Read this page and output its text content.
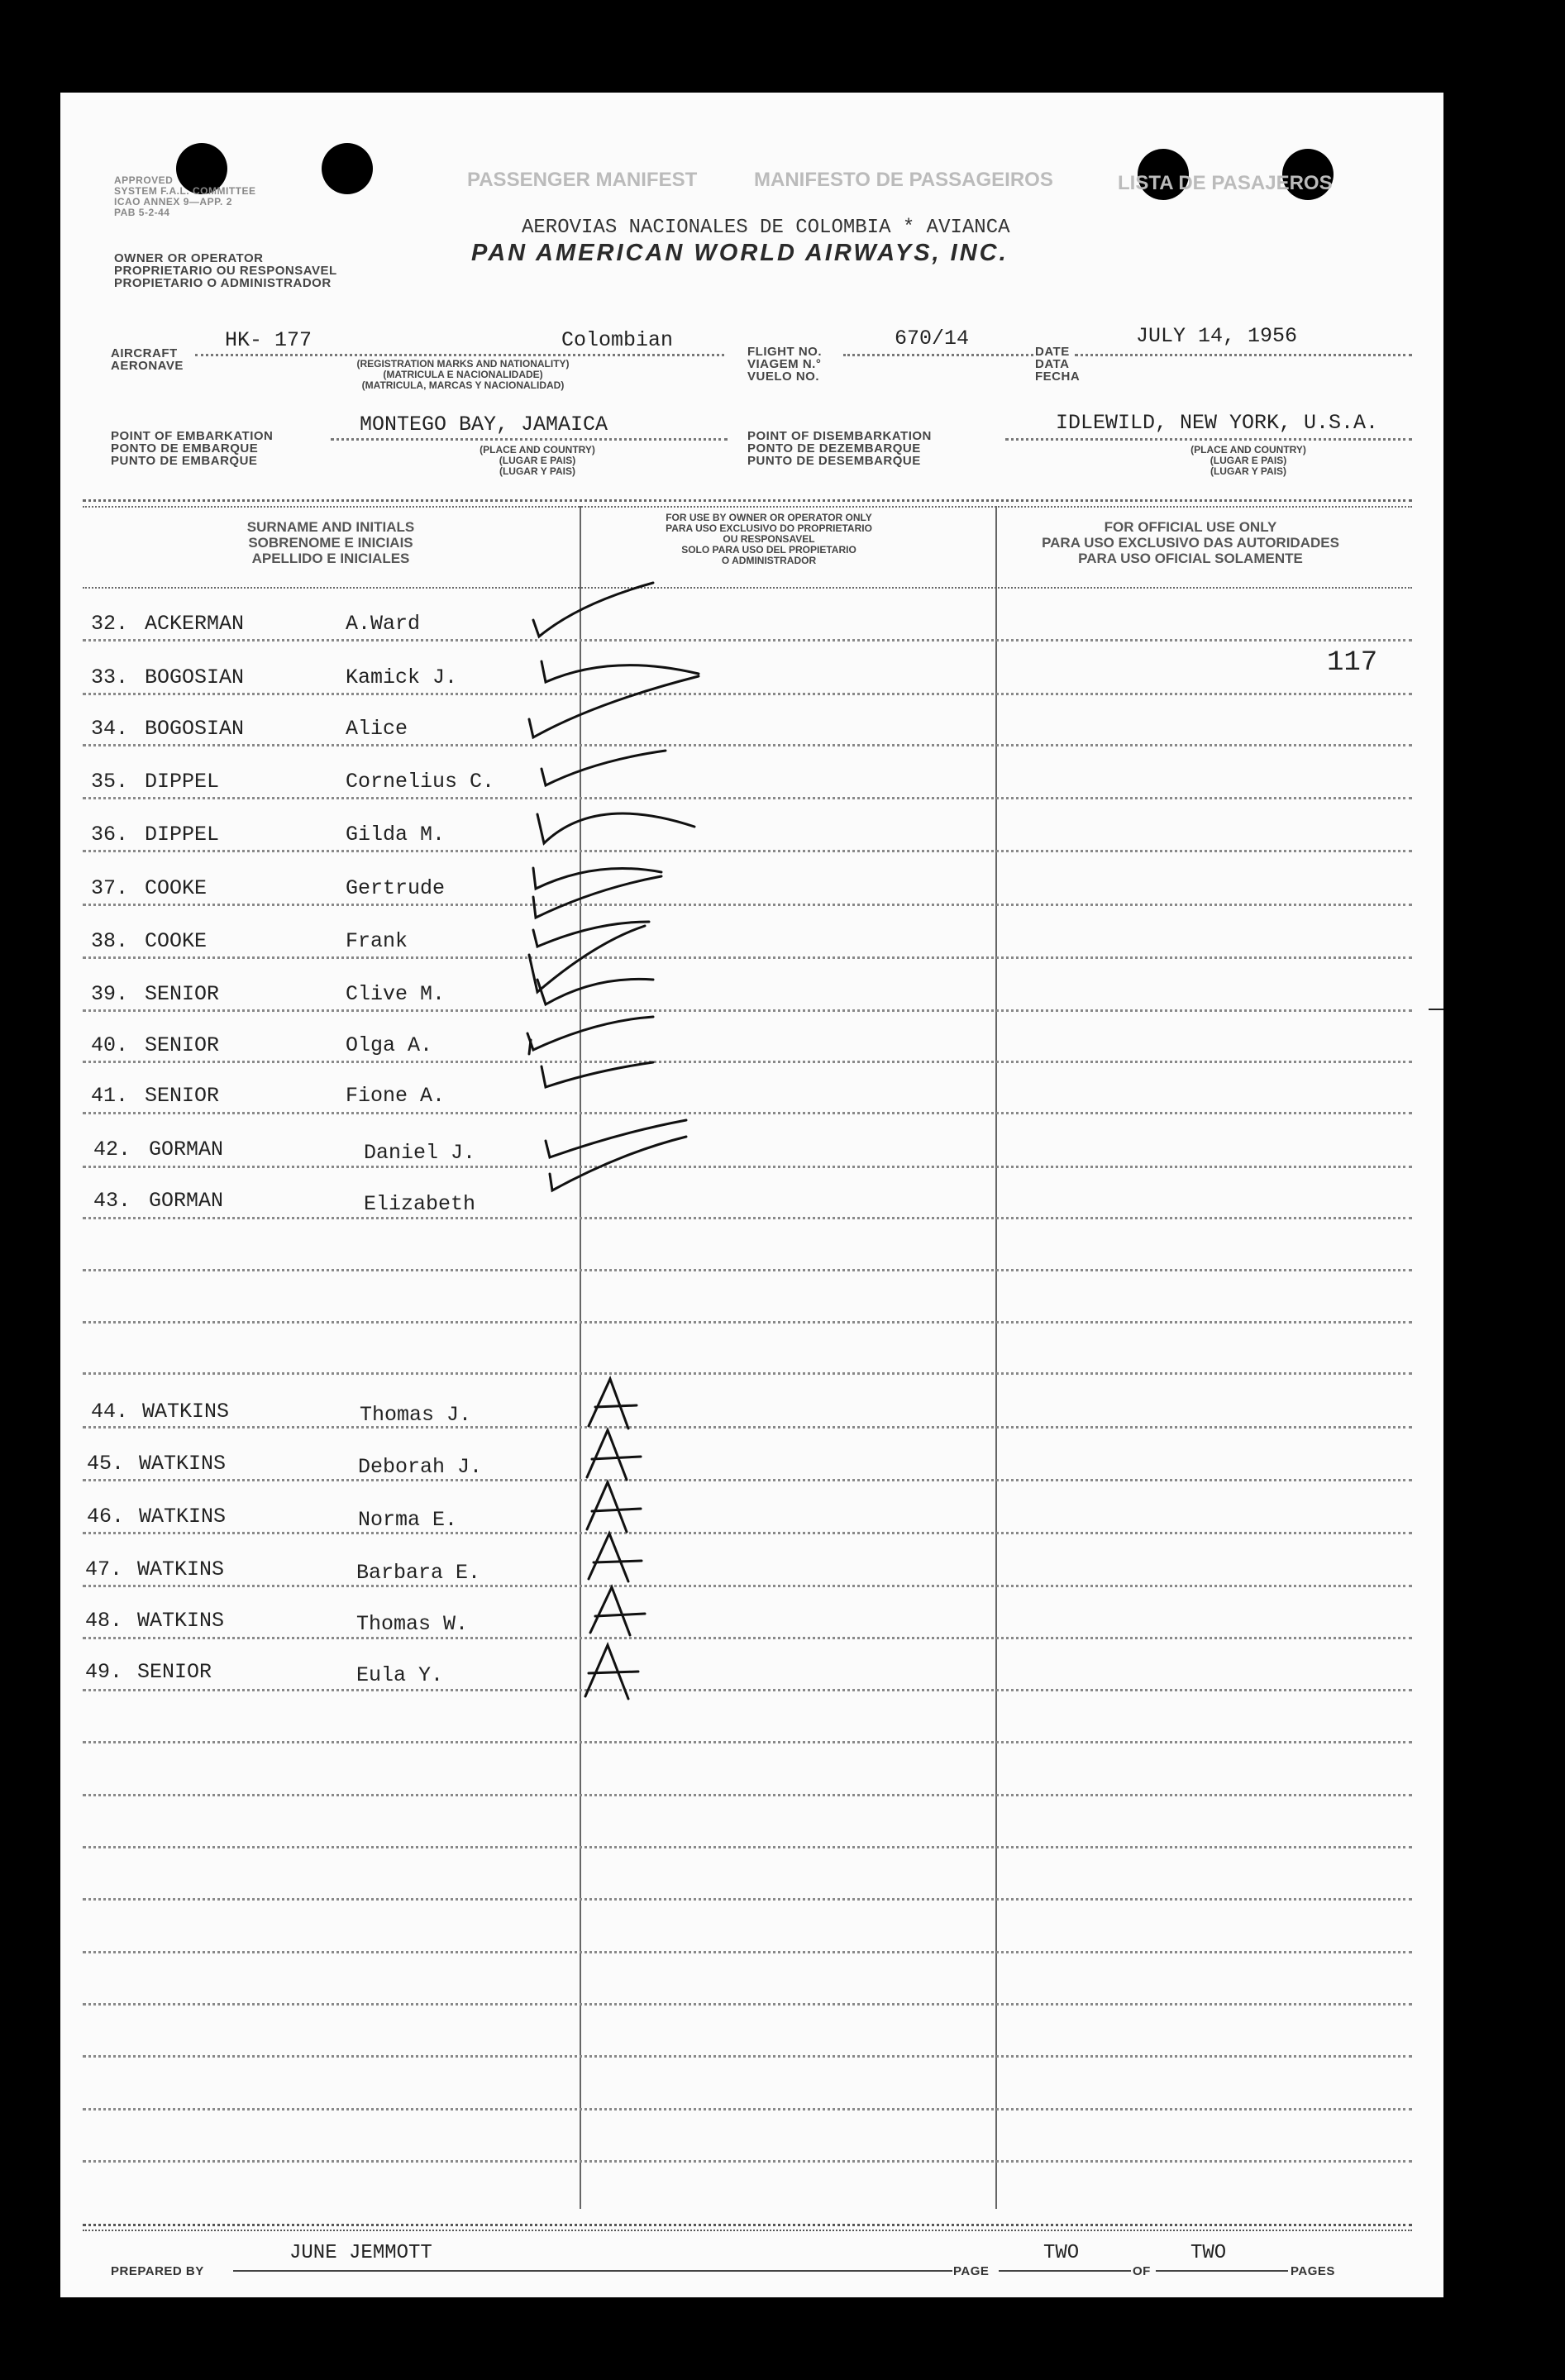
APPROVED
SYSTEM F.A.L. COMMITTEE
ICAO ANNEX 9—APP. 2
PAB 5-2-44
PASSENGER MANIFEST	MANIFESTO DE PASSAGEIROS	LISTA DE PASAJEROS
OWNER OR OPERATOR
PROPRIETARIO OU RESPONSAVEL
PROPIETARIO O ADMINISTRADOR
AEROVIAS NACIONALES DE COLOMBIA * AVIANCA
PAN AMERICAN WORLD AIRWAYS, INC.
AIRCRAFT
AERONAVE
HK- 177	Colombian
(REGISTRATION MARKS AND NATIONALITY)
(MATRICULA E NACIONALIDADE)
(MATRICULA, MARCAS Y NACIONALIDAD)
FLIGHT NO.
VIAGEM N.°
VUELO NO.
670/14
DATE
DATA
FECHA
JULY 14, 1956
POINT OF EMBARKATION
PONTO DE EMBARQUE
PUNTO DE EMBARQUE
MONTEGO BAY, JAMAICA
(PLACE AND COUNTRY)
(LUGAR E PAIS)
(LUGAR Y PAIS)
POINT OF DISEMBARKATION
PONTO DE DEZEMBARQUE
PUNTO DE DESEMBARQUE
IDLEWILD, NEW YORK, U.S.A.
(PLACE AND COUNTRY)
(LUGAR E PAIS)
(LUGAR Y PAIS)
SURNAME AND INITIALS
SOBRENOME E INICIAIS
APELLIDO E INICIALES
FOR USE BY OWNER OR OPERATOR ONLY
PARA USO EXCLUSIVO DO PROPRIETARIO
OU RESPONSAVEL
SOLO PARA USO DEL PROPIETARIO
O ADMINISTRADOR
FOR OFFICIAL USE ONLY
PARA USO EXCLUSIVO DAS AUTORIDADES
PARA USO OFICIAL SOLAMENTE
32. ACKERMAN	A.Ward
33. BOGOSIAN	Kamick J.
34. BOGOSIAN	Alice
35. DIPPEL	Cornelius C.
36. DIPPEL	Gilda M.
37. COOKE	Gertrude
38. COOKE	Frank
39. SENIOR	Clive M.
40. SENIOR	Olga A.
41. SENIOR	Fione A.
42. GORMAN	Daniel J.
43. GORMAN	Elizabeth
44. WATKINS	Thomas J.
45. WATKINS	Deborah J.
46. WATKINS	Norma E.
47. WATKINS	Barbara E.
48. WATKINS	Thomas W.
49. SENIOR	Eula Y.
117
PREPARED BY
JUNE JEMMOTT
PAGE
TWO
OF
TWO
PAGES
